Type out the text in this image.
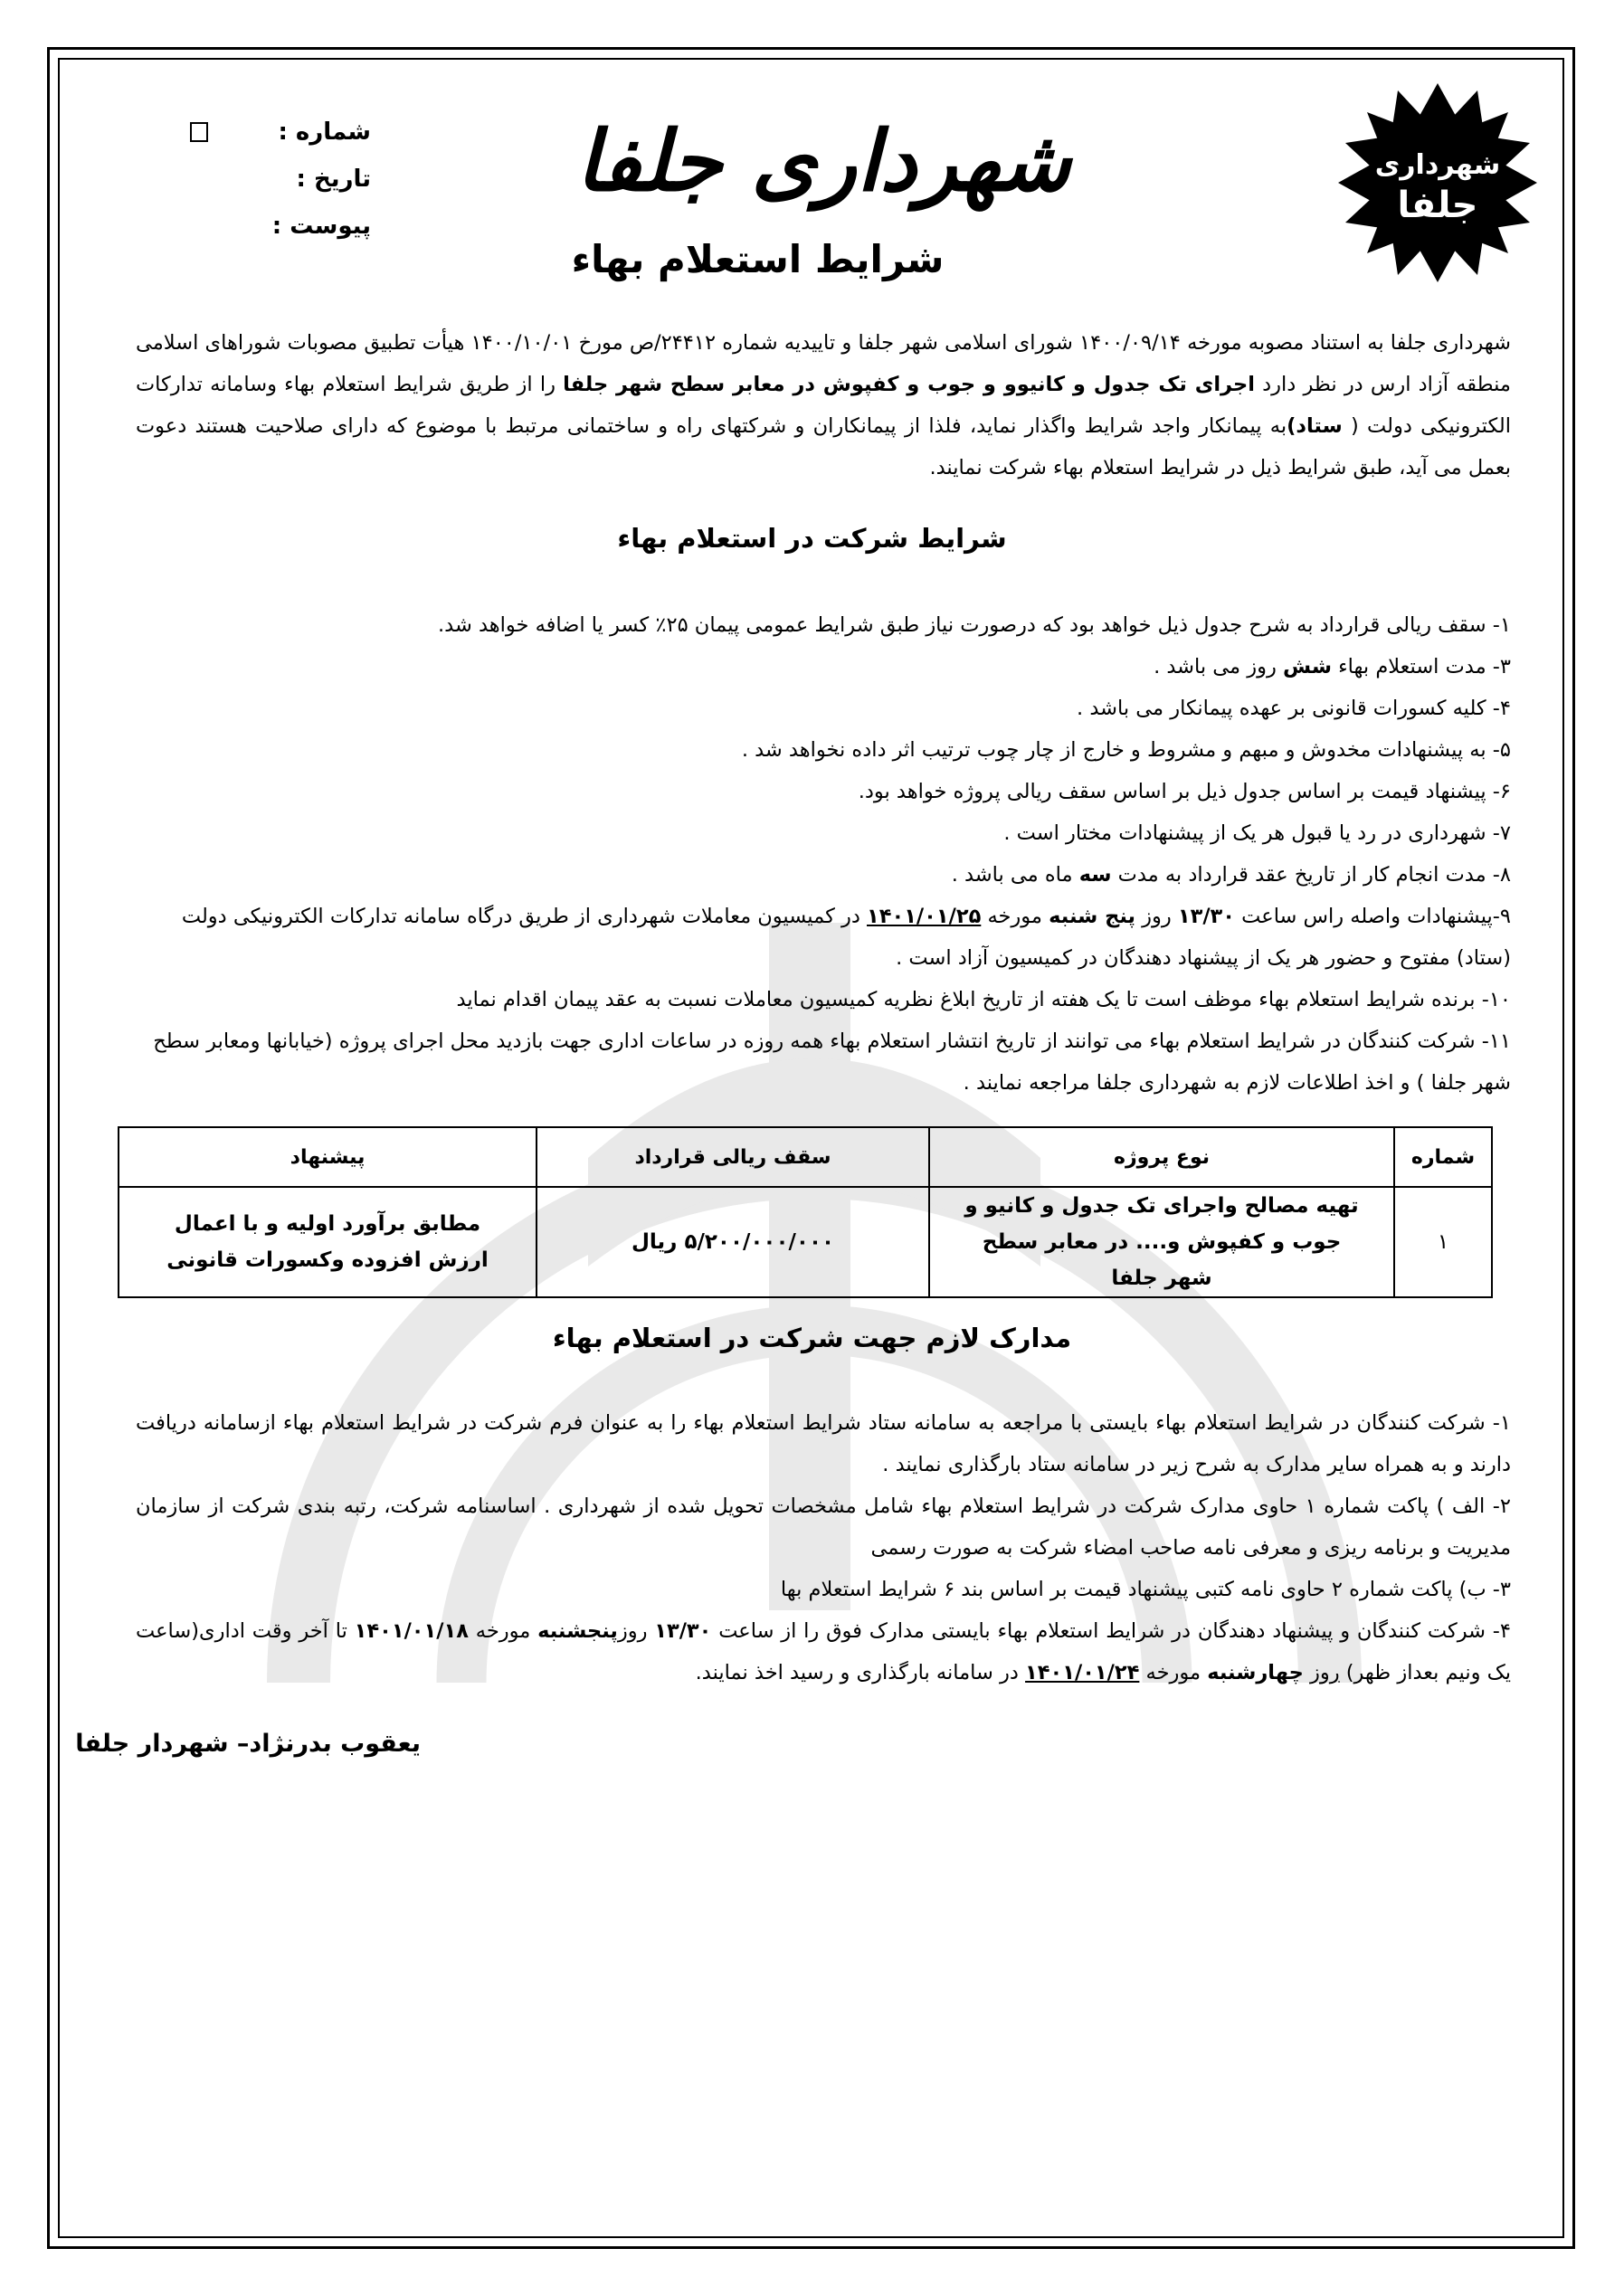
شهرداری
جلفا
شهرداری جلفا
شماره :
تاریخ :
پیوست :
شرایط استعلام بهاء
شهرداری جلفا به استناد مصوبه مورخه ۱۴۰۰/۰۹/۱۴ شورای اسلامی شهر جلفا و تاییدیه شماره ۲۴۴۱۲/ص مورخ ۱۴۰۰/۱۰/۰۱ هیأت تطبیق مصوبات شوراهای اسلامی منطقه آزاد ارس در نظر دارد اجرای تک جدول و کانیوو و جوب و کفپوش در معابر سطح شهر جلفا را از طریق شرایط استعلام بهاء وسامانه تدارکات الکترونیکی دولت ( ستاد)به پیمانکار واجد شرایط واگذار نماید، فلذا از پیمانکاران و شرکتهای راه و ساختمانی مرتبط با موضوع که دارای صلاحیت هستند دعوت بعمل می آید، طبق شرایط ذیل در شرایط استعلام بهاء شرکت نمایند.
شرایط شرکت در استعلام بهاء
۱- سقف ریالی قرارداد به شرح جدول ذیل خواهد بود که درصورت نیاز طبق شرایط عمومی پیمان ۲۵٪ کسر یا اضافه خواهد شد.
۳- مدت استعلام بهاء شش روز می باشد .
۴- کلیه کسورات قانونی بر عهده پیمانکار می باشد .
۵- به پیشنهادات مخدوش و مبهم و مشروط و خارج از چار چوب ترتیب اثر داده نخواهد شد .
۶- پیشنهاد قیمت بر اساس جدول ذیل بر اساس سقف ریالی پروژه خواهد بود.
۷- شهرداری در رد یا قبول هر یک از پیشنهادات مختار است .
۸- مدت انجام کار از تاریخ عقد قرارداد به مدت سه ماه می باشد .
۹-پیشنهادات واصله راس ساعت ۱۳/۳۰ روز پنج شنبه مورخه ۱۴۰۱/۰۱/۲۵ در کمیسیون معاملات شهرداری از طریق درگاه سامانه تدارکات الکترونیکی دولت (ستاد) مفتوح و حضور هر یک از پیشنهاد دهندگان در کمیسیون آزاد است .
۱۰- برنده شرایط استعلام بهاء موظف است تا یک هفته از تاریخ ابلاغ نظریه کمیسیون معاملات نسبت به عقد پیمان اقدام نماید
۱۱- شرکت کنندگان در شرایط استعلام بهاء می توانند از تاریخ انتشار استعلام بهاء همه روزه در ساعات اداری جهت بازدید محل اجرای پروژه (خیابانها ومعابر سطح شهر جلفا ) و اخذ اطلاعات لازم به شهرداری جلفا مراجعه نمایند .
شماره	نوع پروژه	سقف ریالی قرارداد	پیشنهاد
۱	تهیه مصالح واجرای تک جدول و کانیو و جوب و کفپوش و.... در معابر سطح شهر جلفا	۵/۲۰۰/۰۰۰/۰۰۰ ریال	مطابق برآورد اولیه و با اعمال ارزش افزوده وکسورات قانونی
مدارک لازم جهت شرکت در استعلام بهاء
۱- شرکت کنندگان در شرایط استعلام بهاء بایستی با مراجعه به سامانه ستاد شرایط استعلام بهاء را به عنوان فرم شرکت در شرایط استعلام بهاء ازسامانه دریافت دارند و به همراه سایر مدارک به شرح زیر در سامانه ستاد بارگذاری نمایند .
۲- الف ) پاکت شماره ۱ حاوی مدارک شرکت در شرایط استعلام بهاء شامل مشخصات تحویل شده از شهرداری . اساسنامه شرکت، رتبه بندی شرکت از سازمان مدیریت و برنامه ریزی و معرفی نامه صاحب امضاء شرکت به صورت رسمی
۳- ب) پاکت شماره ۲ حاوی نامه کتبی پیشنهاد قیمت بر اساس بند ۶ شرایط استعلام بها
۴- شرکت کنندگان و پیشنهاد دهندگان در شرایط استعلام بهاء بایستی مدارک فوق را از ساعت ۱۳/۳۰ روزپنجشنبه مورخه ۱۴۰۱/۰۱/۱۸ تا آخر وقت اداری(ساعت یک ونیم بعداز ظهر) روز چهارشنبه مورخه ۱۴۰۱/۰۱/۲۴ در سامانه بارگذاری و رسید اخذ نمایند.
یعقوب بدرنژاد– شهردار جلفا
